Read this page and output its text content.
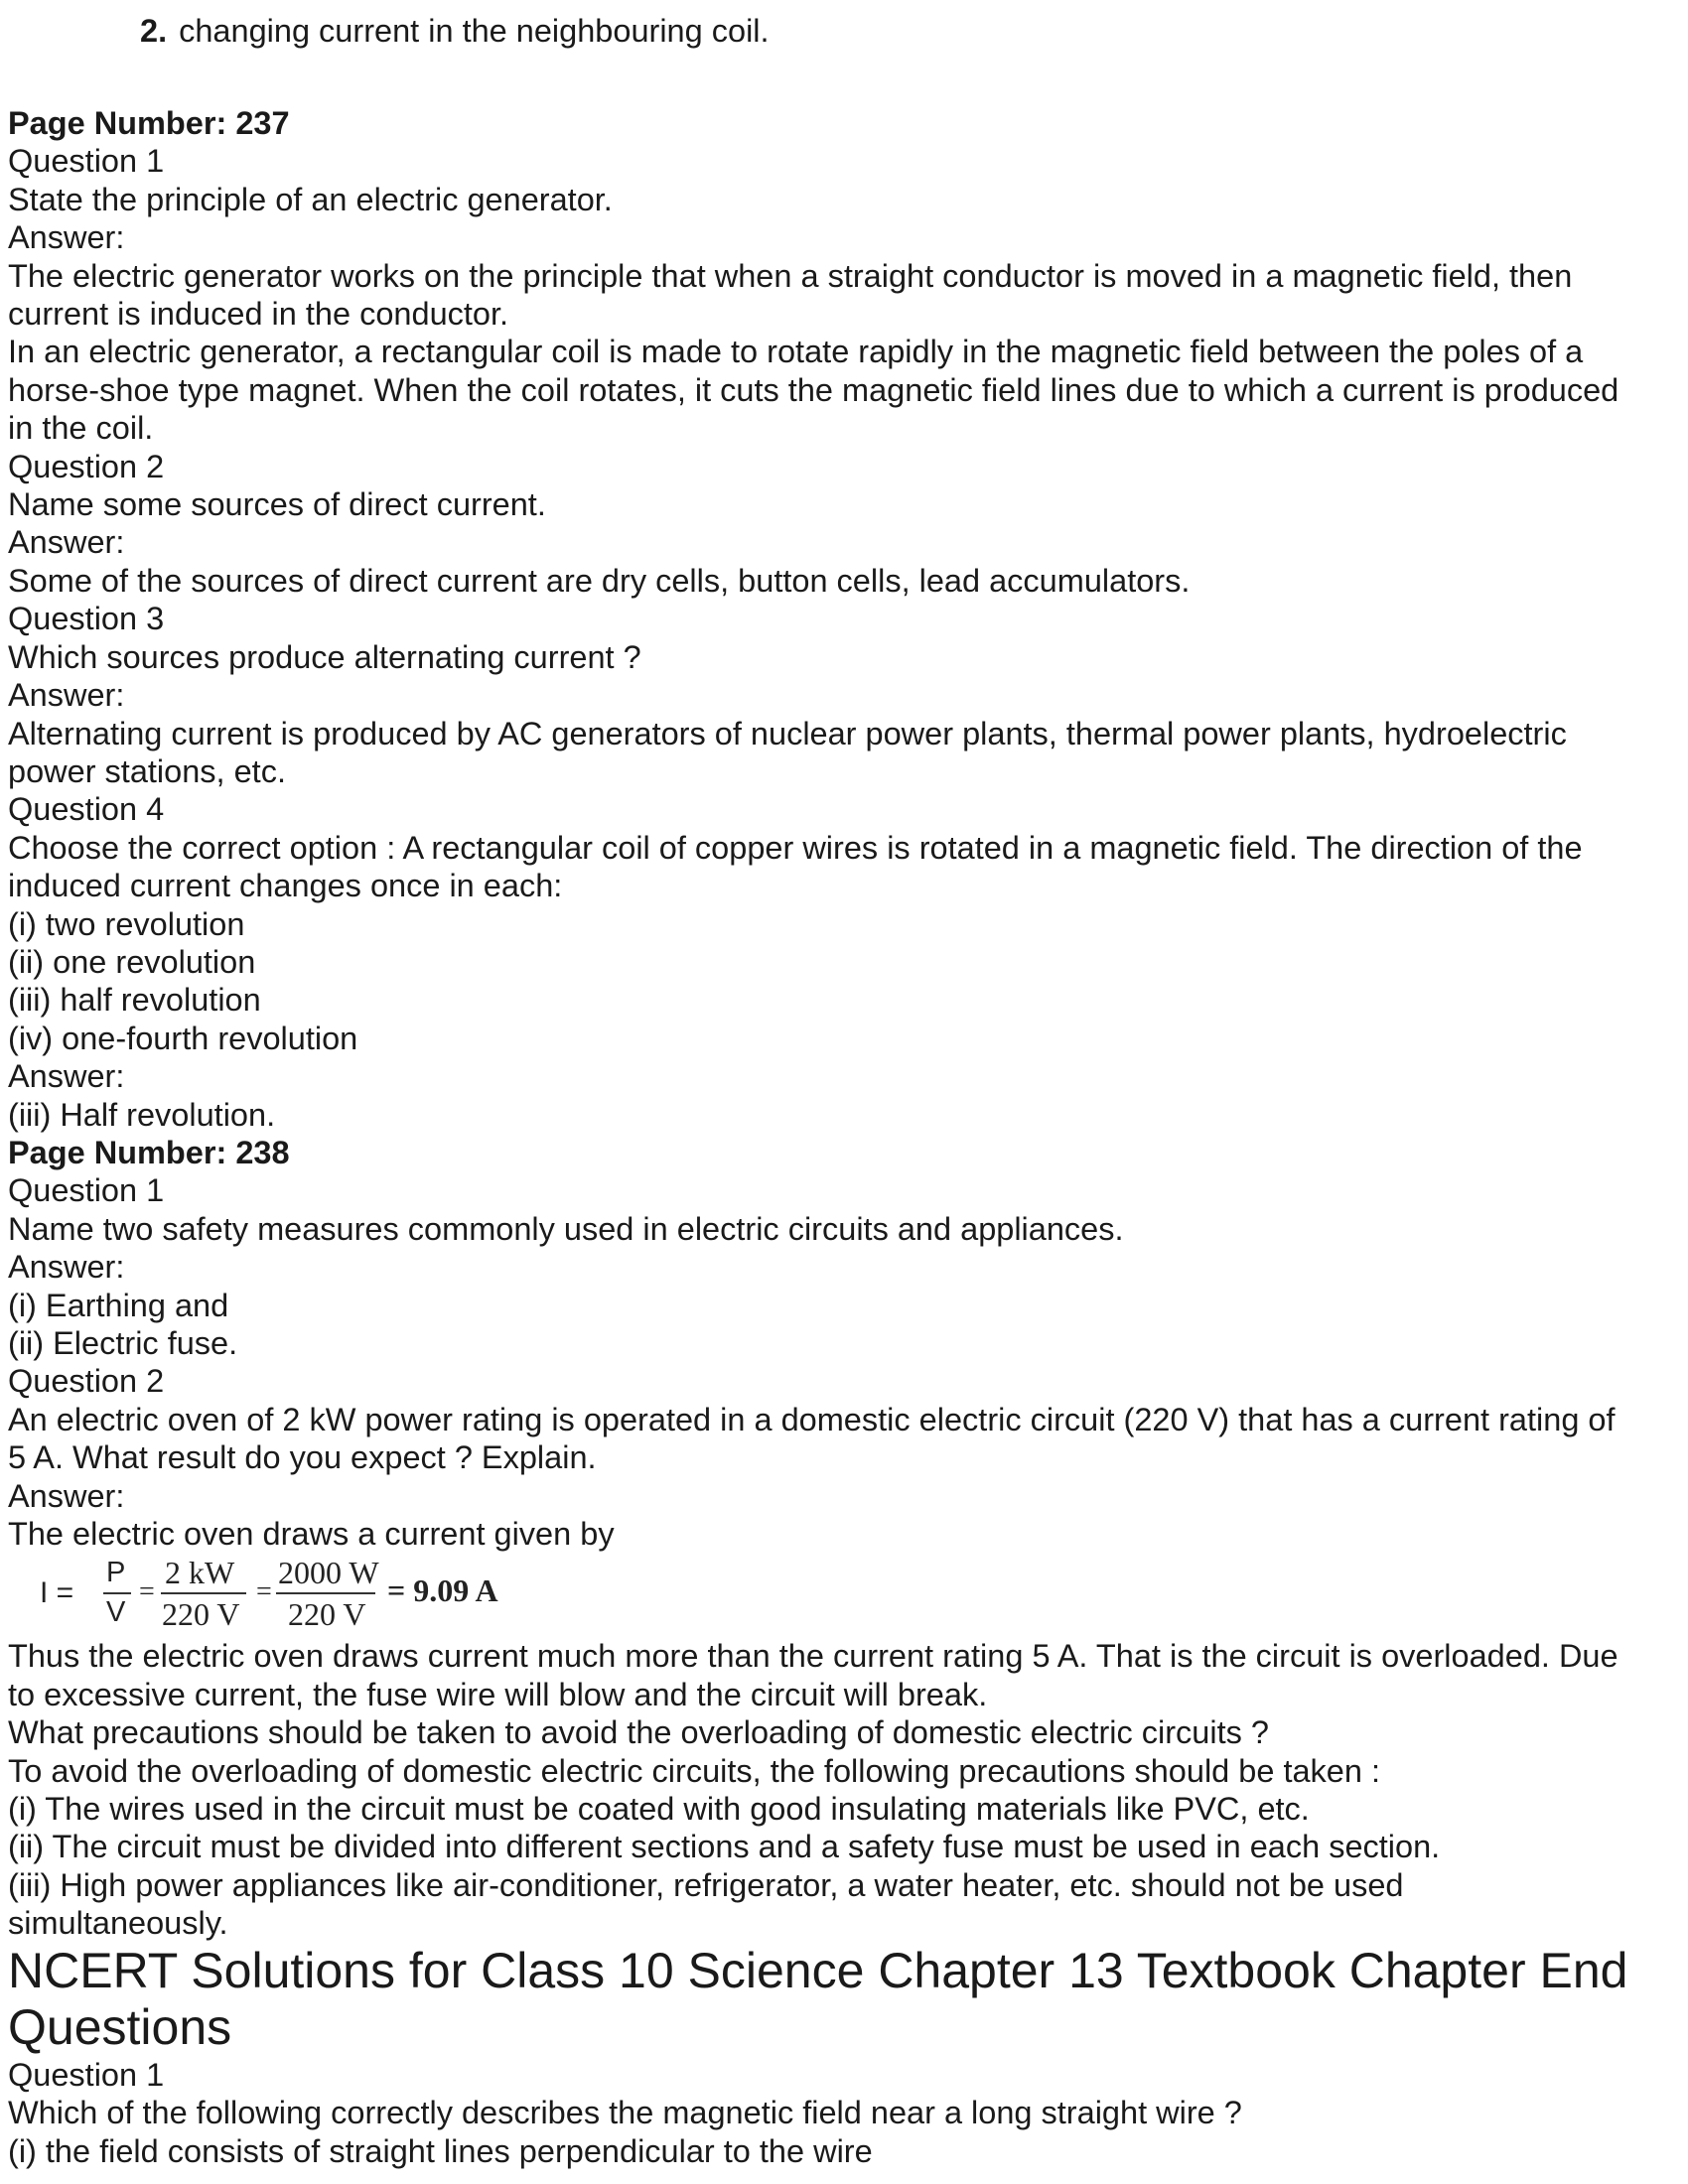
2. changing current in the neighbouring coil.
Page Number: 237
Question 1
State the principle of an electric generator.
Answer:
The electric generator works on the principle that when a straight conductor is moved in a magnetic field, then
current is induced in the conductor.
In an electric generator, a rectangular coil is made to rotate rapidly in the magnetic field between the poles of a
horse-shoe type magnet. When the coil rotates, it cuts the magnetic field lines due to which a current is produced
in the coil.
Question 2
Name some sources of direct current.
Answer:
Some of the sources of direct current are dry cells, button cells, lead accumulators.
Question 3
Which sources produce alternating current ?
Answer:
Alternating current is produced by AC generators of nuclear power plants, thermal power plants, hydroelectric
power stations, etc.
Question 4
Choose the correct option : A rectangular coil of copper wires is rotated in a magnetic field. The direction of the
induced current changes once in each:
(i) two revolution
(ii) one revolution
(iii) half revolution
(iv) one-fourth revolution
Answer:
(iii) Half revolution.
Page Number: 238
Question 1
Name two safety measures commonly used in electric circuits and appliances.
Answer:
(i) Earthing and
(ii) Electric fuse.
Question 2
An electric oven of 2 kW power rating is operated in a domestic electric circuit (220 V) that has a current rating of
5 A. What result do you expect ? Explain.
Answer:
The electric oven draws a current given by
I =
P
V
=
2 kW
220 V
=
2000 W
220 V
= 9.09 A
Thus the electric oven draws current much more than the current rating 5 A. That is the circuit is overloaded. Due
to excessive current, the fuse wire will blow and the circuit will break.
What precautions should be taken to avoid the overloading of domestic electric circuits ?
To avoid the overloading of domestic electric circuits, the following precautions should be taken :
(i) The wires used in the circuit must be coated with good insulating materials like PVC, etc.
(ii) The circuit must be divided into different sections and a safety fuse must be used in each section.
(iii) High power appliances like air-conditioner, refrigerator, a water heater, etc. should not be used
simultaneously.
NCERT Solutions for Class 10 Science Chapter 13 Textbook Chapter End
Questions
Question 1
Which of the following correctly describes the magnetic field near a long straight wire ?
(i) the field consists of straight lines perpendicular to the wire
